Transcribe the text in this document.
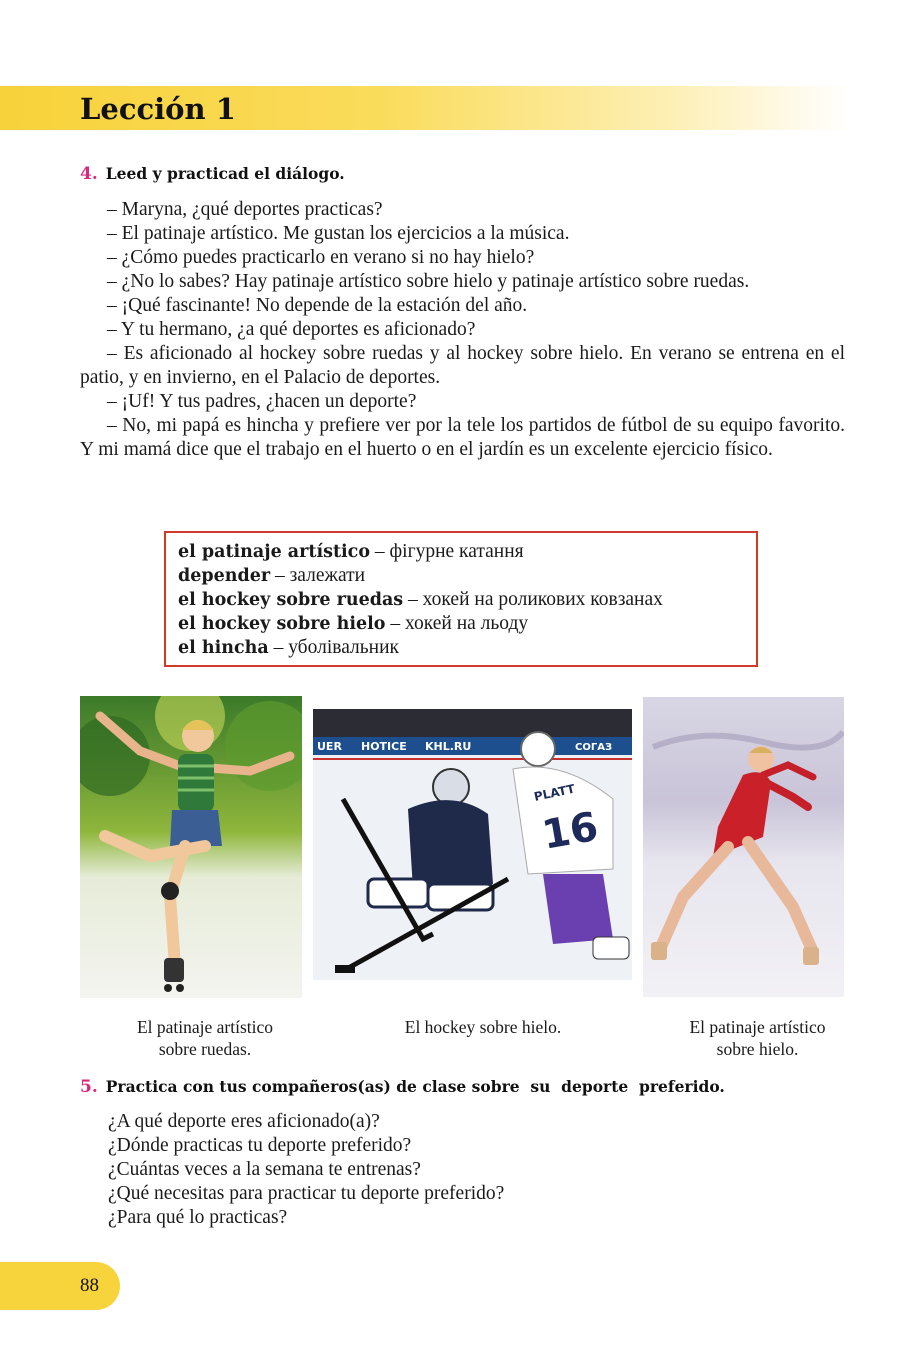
Lección 1
4. Leed y practicad el diálogo.

– Maryna, ¿qué deportes practicas?

– El patinaje artístico. Me gustan los ejercicios a la música.

– ¿Cómo puedes practicarlo en verano si no hay hielo?

– ¿No lo sabes? Hay patinaje artístico sobre hielo y patinaje artístico sobre ruedas.

– ¡Qué fascinante! No depende de la estación del año.

– Y tu hermano, ¿a qué deportes es aficionado?

– Es aficionado al hockey sobre ruedas y al hockey sobre hielo. En verano se entrena en el patio, y en invierno, en el Palacio de deportes.

– ¡Uf! Y tus padres, ¿hacen un deporte?

– No, mi papá es hincha y prefiere ver por la tele los partidos de fútbol de su equipo favorito. Y mi mamá dice que el trabajo en el huerto o en el jardín es un excelente ejercicio físico.

el patinaje artístico – фігурне катання
depender – залежати
el hockey sobre ruedas – хокей на роликових ковзанах
el hockey sobre hielo – хокей на льоду
el hincha – уболівальник
UER HOTICE KHL.RU	СОГАЗ
PLATT
16
El patinaje artístico
sobre ruedas.
El hockey sobre hielo.	El patinaje artístico
sobre hielo.
5. Practica con tus compañeros(as) de clase sobre  su  deporte  preferido.
¿A qué deporte eres aficionado(a)?
¿Dónde practicas tu deporte preferido?
¿Cuántas veces a la semana te entrenas?
¿Qué necesitas para practicar tu deporte preferido?
¿Para qué lo practicas?
88
